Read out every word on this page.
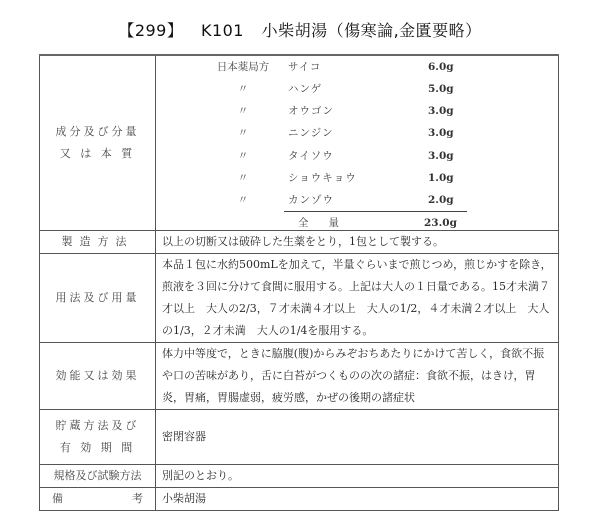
【299】 K101 小柴胡湯（傷寒論,金匱要略）
成分及び分量
又 は 本 質

日本薬局方	サイコ	6.0g
〃	ハンゲ	5.0g
〃	オウゴン	3.0g
〃	ニンジン	3.0g
〃	タイソウ	3.0g
〃	ショウキョウ	1.0g
〃	カンゾウ	2.0g
全 量	23.0g

製造方法	以上の切断又は破砕した生薬をとり，1包として製する。
用法及び用量	本品１包に水約500mLを加えて，半量ぐらいまで煎じつめ，煎じかすを除き，煎液を３回に分けて食間に服用する。上記は大人の１日量である。15才未満７才以上　大人の2/3，７才未満４才以上　大人の1/2，４才未満２才以上　大人の1/3，２才未満　大人の1/4を服用する。
効能又は効果	体力中等度で，ときに脇腹(腹)からみぞおちあたりにかけて苦しく，食欲不振や口の苦味があり，舌に白苔がつくものの次の諸症：食欲不振，はきけ，胃炎，胃痛，胃腸虚弱，疲労感，かぜの後期の諸症状

貯蔵方法及び
有 効 期 間	密閉容器
規格及び試験方法	別記のとおり。

備 考	小柴胡湯
